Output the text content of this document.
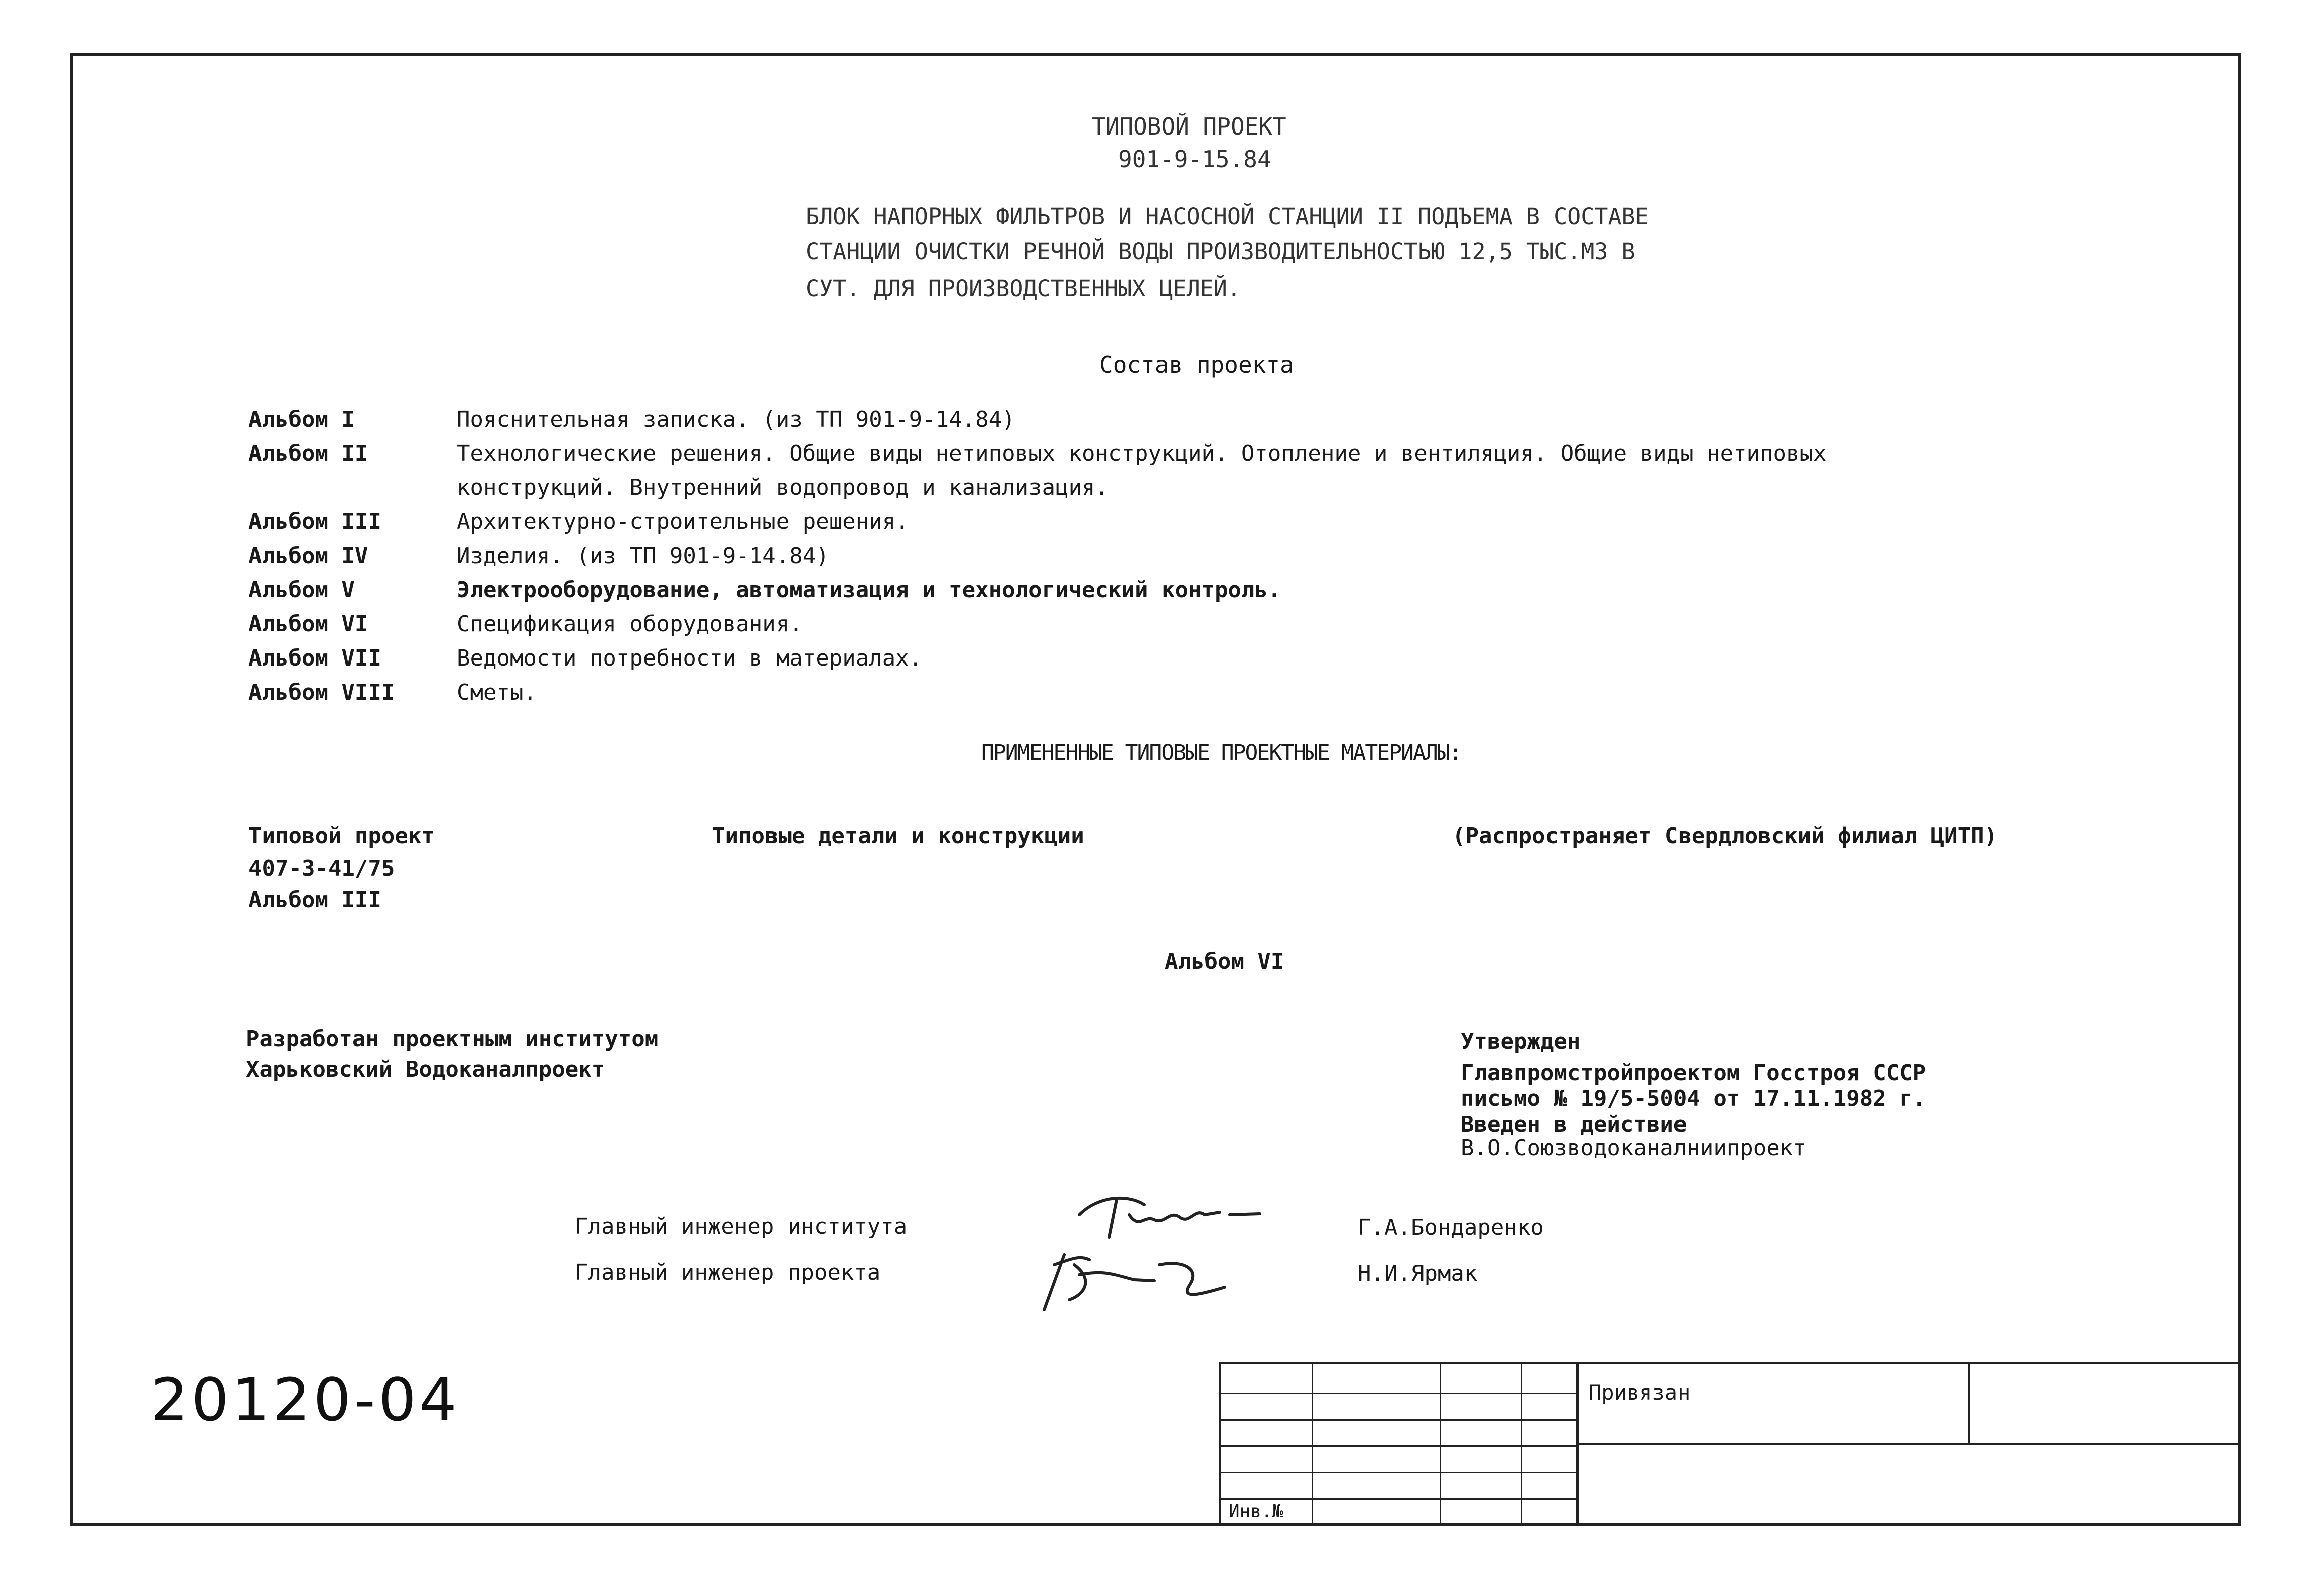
ТИПОВОЙ ПРОЕКТ
901-9-15.84
БЛОК НАПОРНЫХ ФИЛЬТРОВ И НАСОСНОЙ СТАНЦИИ II ПОДЪЕМА В СОСТАВЕ
СТАНЦИИ ОЧИСТКИ РЕЧНОЙ ВОДЫ ПРОИЗВОДИТЕЛЬНОСТЬЮ 12,5 ТЫС.М3 В
СУТ. ДЛЯ ПРОИЗВОДСТВЕННЫХ ЦЕЛЕЙ.
Состав проекта
Альбом I	Пояснительная записка. (из ТП 901-9-14.84)
Альбом II	Технологические решения. Общие виды нетиповых конструкций. Отопление и вентиляция. Общие виды нетиповых
конструкций. Внутренний водопровод и канализация.
Альбом III	Архитектурно-строительные решения.
Альбом IV	Изделия. (из ТП 901-9-14.84)
Альбом V	Электрооборудование, автоматизация и технологический контроль.
Альбом VI	Спецификация оборудования.
Альбом VII	Ведомости потребности в материалах.
Альбом VIII	Сметы.
ПРИМЕНЕННЫЕ ТИПОВЫЕ ПРОЕКТНЫЕ МАТЕРИАЛЫ:
Типовой проект
407-3-41/75
Альбом III
Типовые детали и конструкции	(Распространяет Свердловский филиал ЦИТП)
Альбом VI
Разработан проектным институтом
Харьковский Водоканалпроект
Утвержден
Главпромстройпроектом Госстроя СССР
письмо № 19/5-5004 от 17.11.1982 г.
Введен в действие
В.О.Союзводоканалниипроект
Главный инженер института	Г.А.Бондаренко
Главный инженер проекта	Н.И.Ярмак
20120-04	Привязан
Инв.№
